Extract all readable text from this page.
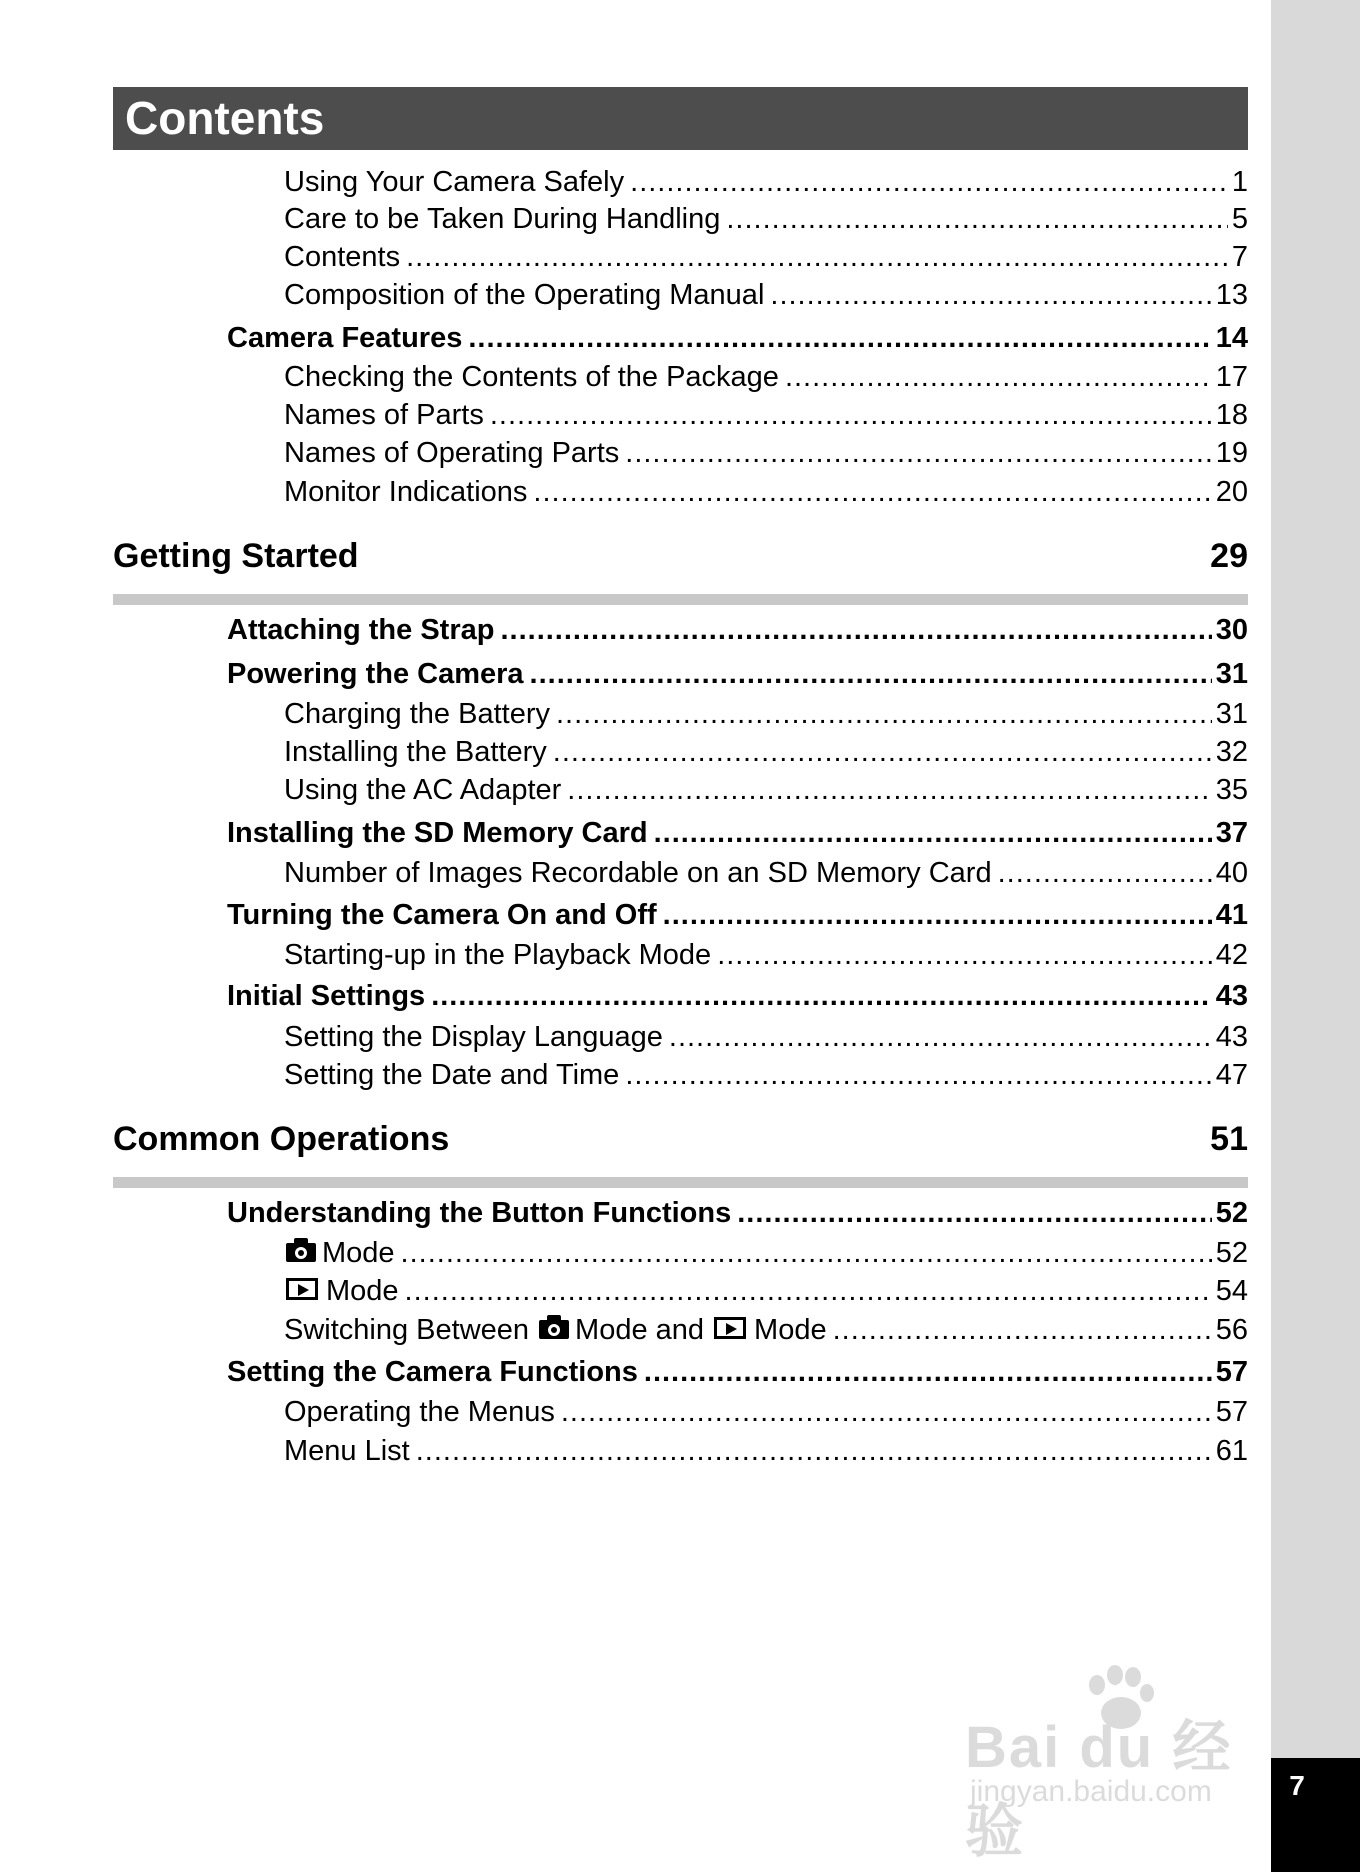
7
Contents
Using Your Camera Safely .....	1
Care to be Taken During Handling .....	5
Contents .....	7
Composition of the Operating Manual .....	13
Camera Features .....	14
Checking the Contents of the Package .....	17
Names of Parts .....	18
Names of Operating Parts .....	19
Monitor Indications .....	20
Getting Started	29
Attaching the Strap .....	30
Powering the Camera .....	31
Charging the Battery .....	31
Installing the Battery .....	32
Using the AC Adapter .....	35
Installing the SD Memory Card .....	37
Number of Images Recordable on an SD Memory Card .....	40
Turning the Camera On and Off .....	41
Starting-up in the Playback Mode .....	42
Initial Settings .....	43
Setting the Display Language .....	43
Setting the Date and Time .....	47
Common Operations	51
Understanding the Button Functions .....	52
Mode .....	52
Mode .....	54
Switching Between Mode and Mode .....	56
Setting the Camera Functions .....	57
Operating the Menus .....	57
Menu List .....	61
Bai du 经验
jingyan.baidu.com
